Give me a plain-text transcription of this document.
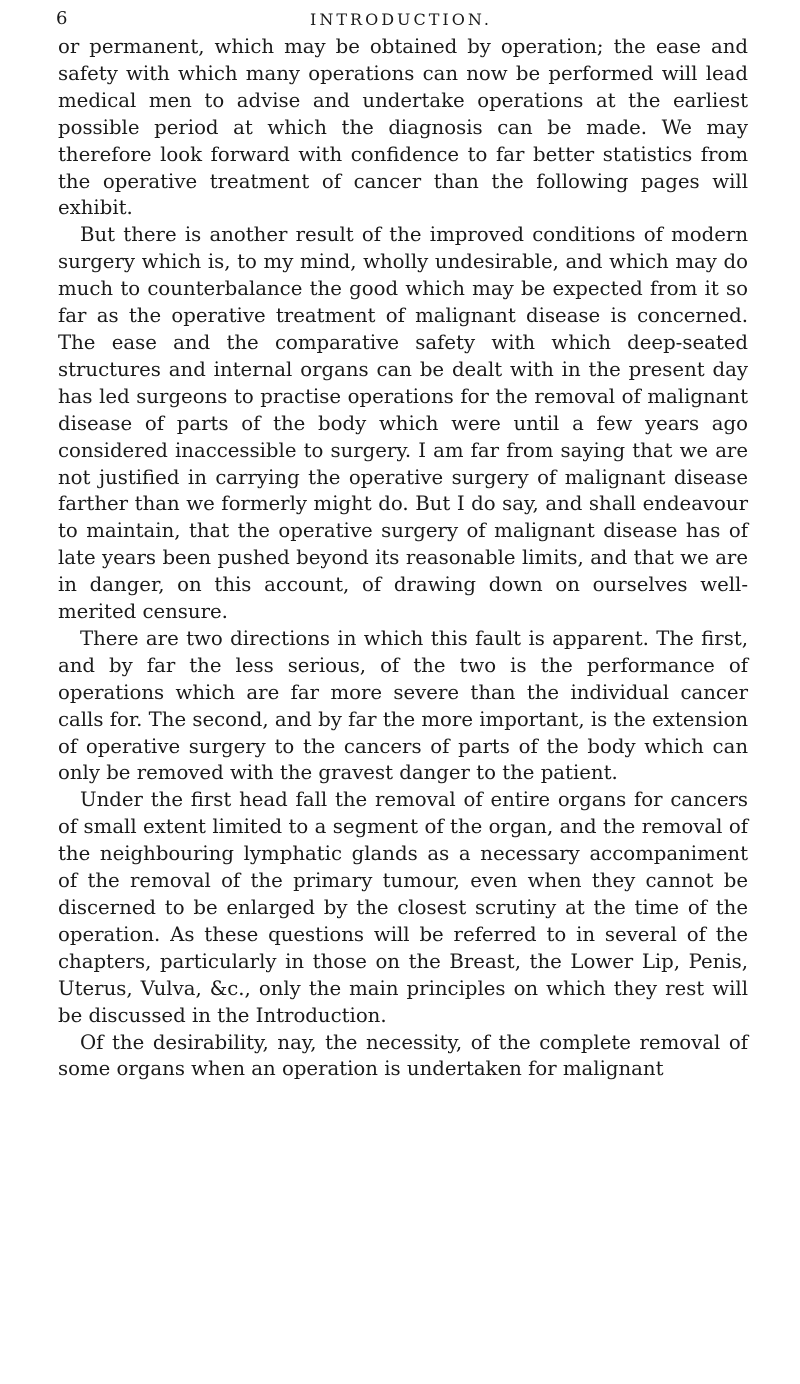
6	INTRODUCTION.

or permanent, which may be obtained by operation; the ease and safety with which many operations can now be performed will lead medical men to advise and undertake operations at the earliest possible period at which the diagnosis can be made. We may therefore look forward with confidence to far better statistics from the operative treatment of cancer than the following pages will exhibit.

But there is another result of the improved conditions of modern surgery which is, to my mind, wholly undesirable, and which may do much to counterbalance the good which may be expected from it so far as the operative treatment of malignant disease is concerned. The ease and the comparative safety with which deep-seated structures and internal organs can be dealt with in the present day has led surgeons to practise operations for the removal of malignant disease of parts of the body which were until a few years ago considered inaccessible to surgery. I am far from saying that we are not justified in carrying the operative surgery of malignant disease farther than we formerly might do. But I do say, and shall endeavour to maintain, that the operative surgery of malignant disease has of late years been pushed beyond its reasonable limits, and that we are in danger, on this account, of drawing down on ourselves well-merited censure.

There are two directions in which this fault is apparent. The first, and by far the less serious, of the two is the performance of operations which are far more severe than the individual cancer calls for. The second, and by far the more important, is the extension of operative surgery to the cancers of parts of the body which can only be removed with the gravest danger to the patient.

Under the first head fall the removal of entire organs for cancers of small extent limited to a segment of the organ, and the removal of the neighbouring lymphatic glands as a necessary accompaniment of the removal of the primary tumour, even when they cannot be discerned to be enlarged by the closest scrutiny at the time of the operation. As these questions will be referred to in several of the chapters, particularly in those on the Breast, the Lower Lip, Penis, Uterus, Vulva, &c., only the main principles on which they rest will be discussed in the Introduction.

Of the desirability, nay, the necessity, of the complete removal of some organs when an operation is undertaken for malignant
